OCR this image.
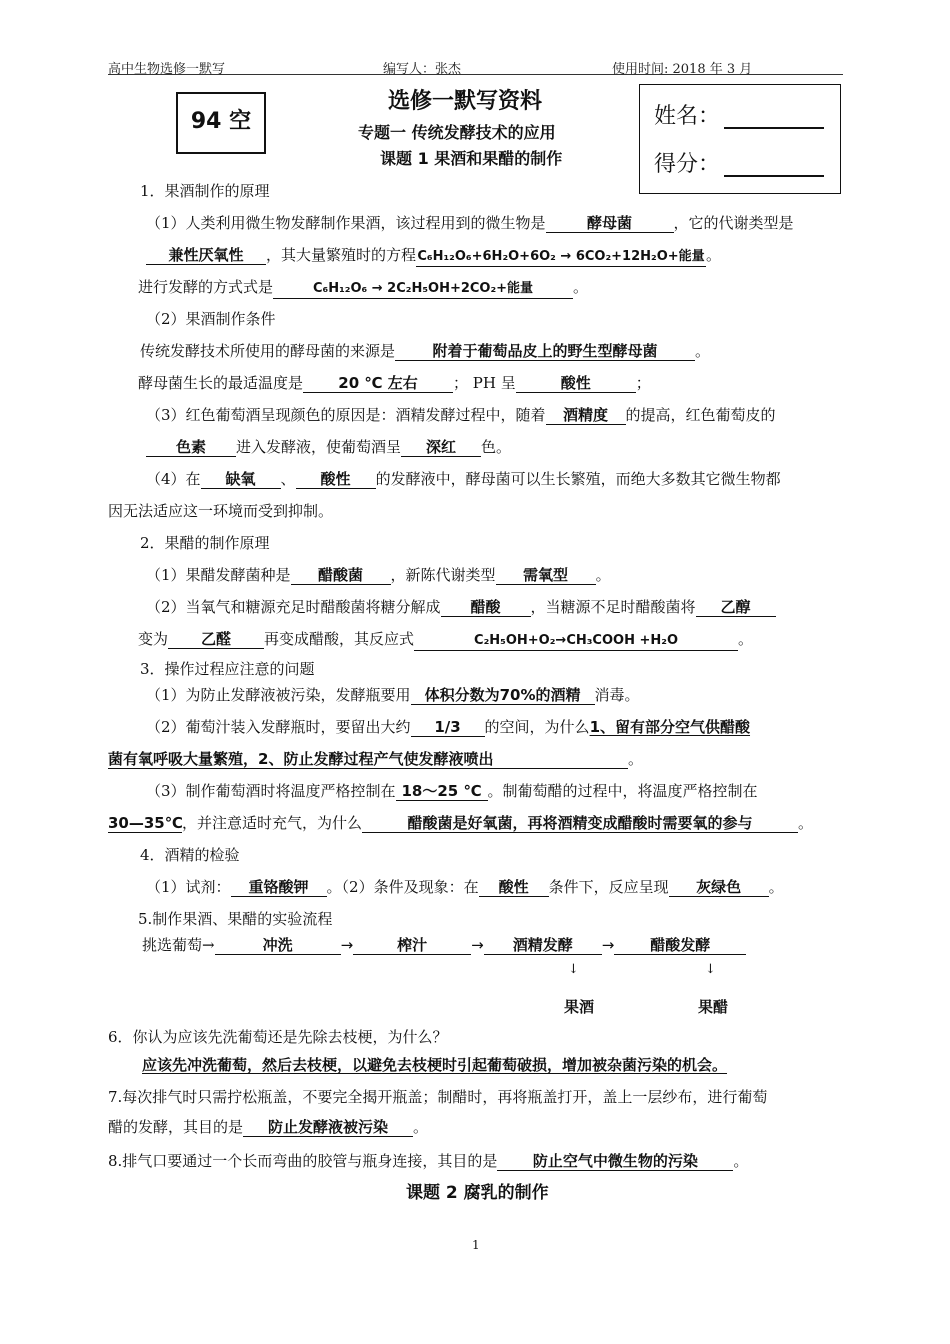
高中生物选修一默写	编写人：张杰	使用时间: 2018 年 3 月
94 空	姓名：
得分：
选修一默写资料
专题一 传统发酵技术的应用
课题 1 果酒和果醋的制作
1．果酒制作的原理
（1）人类利用微生物发酵制作果酒，该过程用到的微生物是	酵母菌	，它的代谢类型是
兼性厌氧性 ，其大量繁殖时的方程C₆H₁₂O₆+6H₂O+6O₂ → 6CO₂+12H₂O+能量。
进行发酵的方式式是	C₆H₁₂O₆ → 2C₂H₅OH+2CO₂+能量	。
（2）果酒制作条件
传统发酵技术所使用的酵母菌的来源是 附着于葡萄品皮上的野生型酵母菌	。
酵母菌生长的最适温度是 20 ℃ 左右 ； PH 呈	酸性	；
（3）红色葡萄酒呈现颜色的原因是：酒精发酵过程中，随着 酒精度 的提高，红色葡萄皮的
色素 进入发酵液，使葡萄酒呈 深红 色。
（4）在 缺氧 、 酸性 的发酵液中，酵母菌可以生长繁殖，而绝大多数其它微生物都
因无法适应这一环境而受到抑制。
2．果醋的制作原理
（1）果醋发酵菌种是 醋酸菌 ，新陈代谢类型 需氧型 。
（2）当氧气和糖源充足时醋酸菌将糖分解成 醋酸 ，当糖源不足时醋酸菌将 乙醇
变为 乙醛 再变成醋酸，其反应式	C₂H₅OH+O₂→CH₃COOH +H₂O	。
3．操作过程应注意的问题
（1）为防止发酵液被污染，发酵瓶要用 体积分数为70%的酒精 消毒。
（2）葡萄汁装入发酵瓶时，要留出大约 1/3 的空间，为什么1、留有部分空气供醋酸
菌有氧呼吸大量繁殖，2、防止发酵过程产气使发酵液喷出	。
（3）制作葡萄酒时将温度严格控制在 18～25 ℃ 。制葡萄醋的过程中，将温度严格控制在
30—35℃，并注意适时充气，为什么	醋酸菌是好氧菌，再将酒精变成醋酸时需要氧的参与	。
4．酒精的检验
（1）试剂： 重铬酸钾 。（2）条件及现象：在 酸性 条件下，反应呈现 灰绿色 。
5.制作果酒、果醋的实验流程
挑选葡萄→	冲洗	→	榨汁	→ 酒精发酵 → 醋酸发酵
↓	↓
果酒	果醋
6．你认为应该先洗葡萄还是先除去枝梗，为什么？
应该先冲洗葡萄，然后去枝梗，以避免去枝梗时引起葡萄破损，增加被杂菌污染的机会。
7.每次排气时只需拧松瓶盖，不要完全揭开瓶盖；制醋时，再将瓶盖打开，盖上一层纱布，进行葡萄
醋的发酵，其目的是 防止发酵液被污染 。
8.排气口要通过一个长而弯曲的胶管与瓶身连接，其目的是 防止空气中微生物的污染 。
课题 2 腐乳的制作
1
